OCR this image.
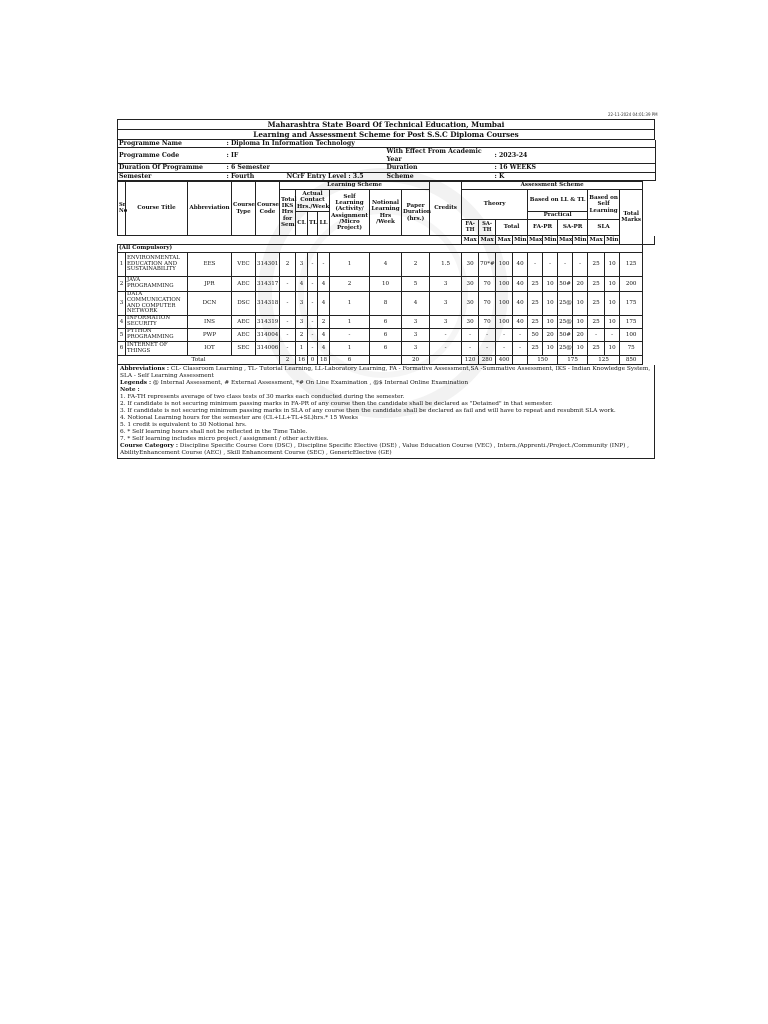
22-11-2024 04:01:39 PM
Maharashtra State Board Of Technical Education, Mumbai
Learning and Assessment Scheme for Post S.S.C Diploma Courses
Programme Name	: Diploma In Information Technology		
Programme Code	: IF	With Effect From Academic Year	: 2023-24
Duration Of Programme	: 6 Semester	Duration	: 16 WEEKS
Semester	: Fourth NCrF Entry Level : 3.5	Scheme	: K
Sr No	Course Title	Abbreviation	Course Type	Course Code	Learning Scheme							Credits	Assessment Scheme											
					Total IKS Hrs for Sem.	Actual Contact Hrs./Week			Self Learning (Activity/ Assignment /Micro Project)	Notional Learning Hrs /Week	Paper Duration (hrs.)		Theory				Based on LL & TL				Based on Self Learning		Total Marks	
						CL	TL	LL									Practical							
													FA-TH	SA-TH	Total		FA-PR		SA-PR		SLA			
													Max	Max	Max	Min	Max	Min	Max	Min	Max	Min		
(All Compulsory)																								
1	ENVIRONMENTAL EDUCATION AND SUSTAINABILITY	EES	VEC	314301	2	3	-	-	1	4	2	1.5	30	70*#	100	40	-	-	-	-	25	10	125	
2	JAVA PROGRAMMING	JPR	AEC	314317	-	4	-	4	2	10	5	3	30	70	100	40	25	10	50#	20	25	10	200	
3	DATA COMMUNICATION AND COMPUTER NETWORK	DCN	DSC	314318	-	3	-	4	1	8	4	3	30	70	100	40	25	10	25@	10	25	10	175	
4	INFORMATION SECURITY	INS	AEC	314319	-	3	-	2	1	6	3	3	30	70	100	40	25	10	25@	10	25	10	175	
5	PYTHON PROGRAMMING	PWP	AEC	314004	-	2	-	4	-	6	3	-	-	-	-	-	50	20	50#	20	-	-	100	
6	INTERNET OF THINGS	IOT	SEC	314006	-	1	-	4	1	6	3	-	-	-	-	-	25	10	25@	10	25	10	75	
Total					2	16	0	18	6		20		120	280	400		150		175		125		850	
Abbreviations : CL- Classroom Learning , TL- Tutorial Learning, LL-Laboratory Learning, FA - Formative Assessment,SA -Summative Assessment, IKS - Indian Knowledge System, SLA - Self Learning Assessment
Legends : @ Internal Assessment, # External Assessment, *# On Line Examination , @$ Internal Online Examination
Note :
1. FA-TH represents average of two class tests of 30 marks each conducted during the semester.
2. If candidate is not securing minimum passing marks in FA-PR of any course then the candidate shall be declared as "Detained" in that semester.
3. If candidate is not securing minimum passing marks in SLA of any course then the candidate shall be declared as fail and will have to repeat and resubmit SLA work.
4. Notional Learning hours for the semester are (CL+LL+TL+SL)hrs.* 15 Weeks
5. 1 credit is equivalent to 30 Notional hrs.
6. * Self learning hours shall not be reflected in the Time Table.
7. * Self learning includes micro project / assignment / other activities.
Course Category : Discipline Specific Course Core (DSC) , Discipline Specific Elective (DSE) , Value Education Course (VEC) , Intern./Apprenti./Project./Community (INP) , AbilityEnhancement Course (AEC) , Skill Enhancement Course (SEC) , GenericElective (GE)
